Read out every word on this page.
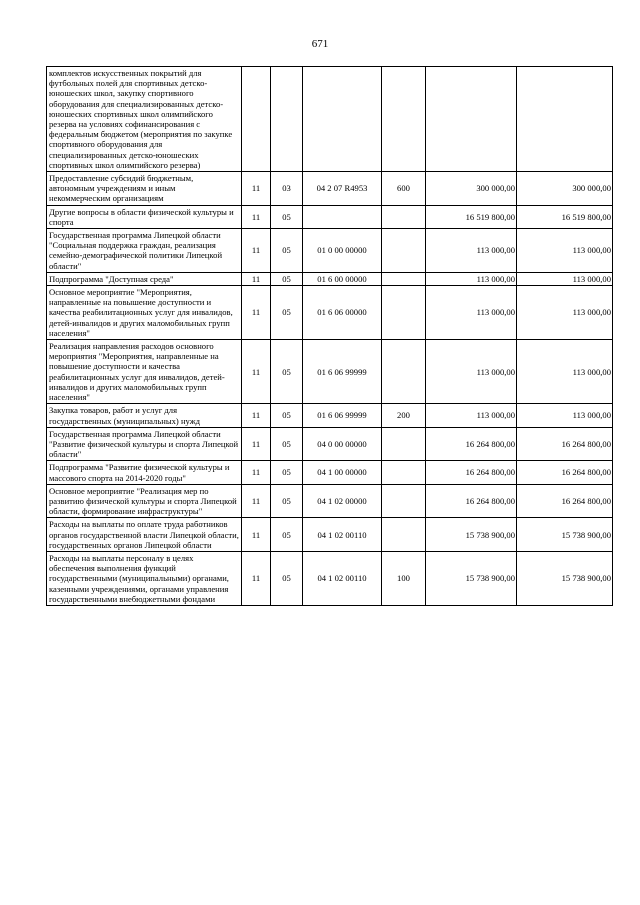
671
комплектов искусственных покрытий для футбольных полей для спортивных детско-юношеских школ, закупку спортивного оборудования для специализированных детско-юношеских спортивных школ олимпийского резерва на условиях софинансирования с федеральным бюджетом (мероприятия по закупке спортивного оборудования для специализированных детско-юношеских спортивных школ олимпийского резерва)						
Предоставление субсидий бюджетным, автономным учреждениям и иным некоммерческим организациям	11	03	04 2 07 R4953	600	300 000,00	300 000,00
Другие вопросы в области физической культуры и спорта	11	05			16 519 800,00	16 519 800,00
Государственная программа Липецкой области "Социальная поддержка граждан, реализация семейно-демографической политики Липецкой области"	11	05	01 0 00 00000		113 000,00	113 000,00
Подпрограмма "Доступная среда"	11	05	01 6 00 00000		113 000,00	113 000,00
Основное мероприятие "Мероприятия, направленные на повышение доступности и качества реабилитационных услуг для инвалидов, детей-инвалидов и других маломобильных групп населения"	11	05	01 6 06 00000		113 000,00	113 000,00
Реализация направления расходов основного мероприятия "Мероприятия, направленные на повышение доступности и качества реабилитационных услуг для инвалидов, детей-инвалидов и других маломобильных групп населения"	11	05	01 6 06 99999		113 000,00	113 000,00
Закупка товаров, работ и услуг для государственных (муниципальных) нужд	11	05	01 6 06 99999	200	113 000,00	113 000,00
Государственная программа Липецкой области "Развитие физической культуры и спорта Липецкой области"	11	05	04 0 00 00000		16 264 800,00	16 264 800,00
Подпрограмма "Развитие физической культуры и массового спорта на 2014-2020 годы"	11	05	04 1 00 00000		16 264 800,00	16 264 800,00
Основное мероприятие "Реализация мер по развитию физической культуры и спорта Липецкой области, формирование инфраструктуры"	11	05	04 1 02 00000		16 264 800,00	16 264 800,00
Расходы на выплаты по оплате труда работников органов государственной власти Липецкой области, государственных органов Липецкой области	11	05	04 1 02 00110		15 738 900,00	15 738 900,00
Расходы на выплаты персоналу в целях обеспечения выполнения функций государственными (муниципальными) органами, казенными учреждениями, органами управления государственными внебюджетными фондами	11	05	04 1 02 00110	100	15 738 900,00	15 738 900,00
